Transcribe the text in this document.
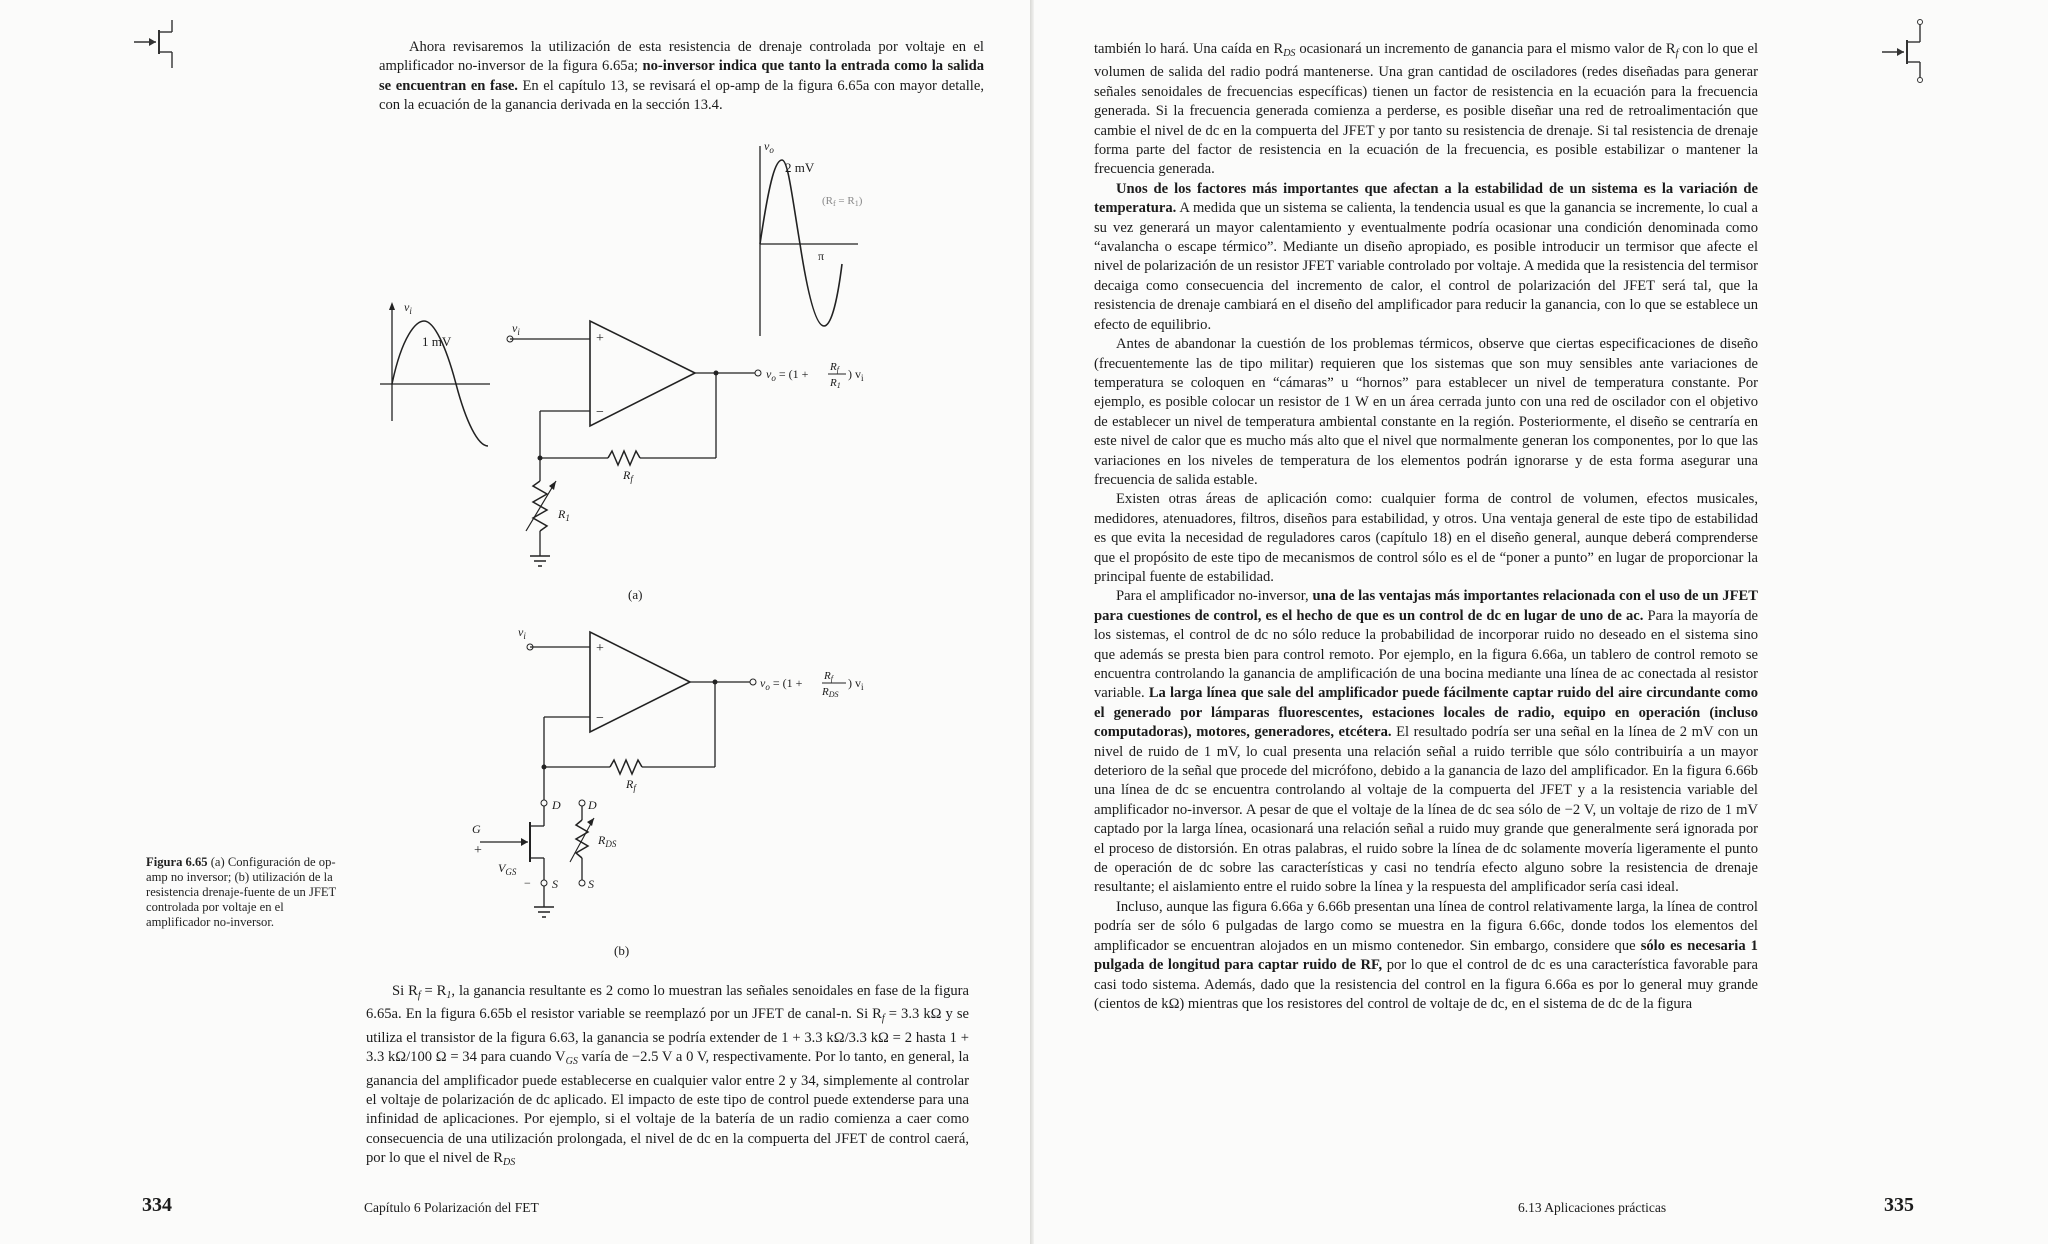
Ahora revisaremos la utilización de esta resistencia de drenaje controlada por voltaje en el amplificador no-inversor de la figura 6.65a; no-inversor indica que tanto la entrada como la salida se encuentran en fase. En el capítulo 13, se revisará el op-amp de la figura 6.65a con mayor detalle, con la ecuación de la ganancia derivada en la sección 13.4.

$v_i$
1 mV
$v_o$
2 mV
(Rf = R1)
π
+
−
$v_i$
$v_o = (1 + Rf$
R1
) $v_i$
$R_f$
$R_1$
(a)
+
−
$v_i$
$v_o = (1 + Rf$
RDS
) $v_i$
$R_f$
D
G
+
$V_{GS}$
− S
D
$R_{DS}$
S
(b)
Figura 6.65 (a) Configuración de op-amp no inversor; (b) utilización de la resistencia drenaje-fuente de un JFET controlada por voltaje en el amplificador no-inversor.

Si $R_f = R_1$, la ganancia resultante es 2 como lo muestran las señales senoidales en fase de la figura 6.65a. En la figura 6.65b el resistor variable se reemplazó por un JFET de canal-n. Si $R_f = 3.3$ kΩ y se utiliza el transistor de la figura 6.63, la ganancia se podría extender de 1 + 3.3 kΩ/3.3 kΩ = 2 hasta 1 + 3.3 kΩ/100 Ω = 34 para cuando $V_{GS}$ varía de −2.5 V a 0 V, respectivamente. Por lo tanto, en general, la ganancia del amplificador puede establecerse en cualquier valor entre 2 y 34, simplemente al controlar el voltaje de polarización de dc aplicado. El impacto de este tipo de control puede extenderse para una infinidad de aplicaciones. Por ejemplo, si el voltaje de la batería de un radio comienza a caer como consecuencia de una utilización prolongada, el nivel de dc en la compuerta del JFET de control caerá, por lo que el nivel de $R_{DS}$

334	Capítulo 6 Polarización del FET

también lo hará. Una caída en $R_{DS}$ ocasionará un incremento de ganancia para el mismo valor de $R_f$ con lo que el volumen de salida del radio podrá mantenerse. Una gran cantidad de osciladores (redes diseñadas para generar señales senoidales de frecuencias específicas) tienen un factor de resistencia en la ecuación para la frecuencia generada. Si la frecuencia generada comienza a perderse, es posible diseñar una red de retroalimentación que cambie el nivel de dc en la compuerta del JFET y por tanto su resistencia de drenaje. Si tal resistencia de drenaje forma parte del factor de resistencia en la ecuación de la frecuencia, es posible estabilizar o mantener la frecuencia generada.

Unos de los factores más importantes que afectan a la estabilidad de un sistema es la variación de temperatura. A medida que un sistema se calienta, la tendencia usual es que la ganancia se incremente, lo cual a su vez generará un mayor calentamiento y eventualmente podría ocasionar una condición denominada como “avalancha o escape térmico”. Mediante un diseño apropiado, es posible introducir un termisor que afecte el nivel de polarización de un resistor JFET variable controlado por voltaje. A medida que la resistencia del termisor decaiga como consecuencia del incremento de calor, el control de polarización del JFET será tal, que la resistencia de drenaje cambiará en el diseño del amplificador para reducir la ganancia, con lo que se establece un efecto de equilibrio.

Antes de abandonar la cuestión de los problemas térmicos, observe que ciertas especificaciones de diseño (frecuentemente las de tipo militar) requieren que los sistemas que son muy sensibles ante variaciones de temperatura se coloquen en “cámaras” u “hornos” para establecer un nivel de temperatura constante. Por ejemplo, es posible colocar un resistor de 1 W en un área cerrada junto con una red de oscilador con el objetivo de establecer un nivel de temperatura ambiental constante en la región. Posteriormente, el diseño se centraría en este nivel de calor que es mucho más alto que el nivel que normalmente generan los componentes, por lo que las variaciones en los niveles de temperatura de los elementos podrán ignorarse y de esta forma asegurar una frecuencia de salida estable.

Existen otras áreas de aplicación como: cualquier forma de control de volumen, efectos musicales, medidores, atenuadores, filtros, diseños para estabilidad, y otros. Una ventaja general de este tipo de estabilidad es que evita la necesidad de reguladores caros (capítulo 18) en el diseño general, aunque deberá comprenderse que el propósito de este tipo de mecanismos de control sólo es el de “poner a punto” en lugar de proporcionar la principal fuente de estabilidad.

Para el amplificador no-inversor, una de las ventajas más importantes relacionada con el uso de un JFET para cuestiones de control, es el hecho de que es un control de dc en lugar de uno de ac. Para la mayoría de los sistemas, el control de dc no sólo reduce la probabilidad de incorporar ruido no deseado en el sistema sino que además se presta bien para control remoto. Por ejemplo, en la figura 6.66a, un tablero de control remoto se encuentra controlando la ganancia de amplificación de una bocina mediante una línea de ac conectada al resistor variable. La larga línea que sale del amplificador puede fácilmente captar ruido del aire circundante como el generado por lámparas fluorescentes, estaciones locales de radio, equipo en operación (incluso computadoras), motores, generadores, etcétera. El resultado podría ser una señal en la línea de 2 mV con un nivel de ruido de 1 mV, lo cual presenta una relación señal a ruido terrible que sólo contribuiría a un mayor deterioro de la señal que procede del micrófono, debido a la ganancia de lazo del amplificador. En la figura 6.66b una línea de dc se encuentra controlando al voltaje de la compuerta del JFET y a la resistencia variable del amplificador no-inversor. A pesar de que el voltaje de la línea de dc sea sólo de −2 V, un voltaje de rizo de 1 mV captado por la larga línea, ocasionará una relación señal a ruido muy grande que generalmente será ignorada por el proceso de distorsión. En otras palabras, el ruido sobre la línea de dc solamente movería ligeramente el punto de operación de dc sobre las características y casi no tendría efecto alguno sobre la resistencia de drenaje resultante; el aislamiento entre el ruido sobre la línea y la respuesta del amplificador sería casi ideal.

Incluso, aunque las figura 6.66a y 6.66b presentan una línea de control relativamente larga, la línea de control podría ser de sólo 6 pulgadas de largo como se muestra en la figura 6.66c, donde todos los elementos del amplificador se encuentran alojados en un mismo contenedor. Sin embargo, considere que sólo es necesaria 1 pulgada de longitud para captar ruido de RF, por lo que el control de dc es una característica favorable para casi todo sistema. Además, dado que la resistencia del control en la figura 6.66a es por lo general muy grande (cientos de kΩ) mientras que los resistores del control de voltaje de dc, en el sistema de dc de la figura

6.13 Aplicaciones prácticas	335
